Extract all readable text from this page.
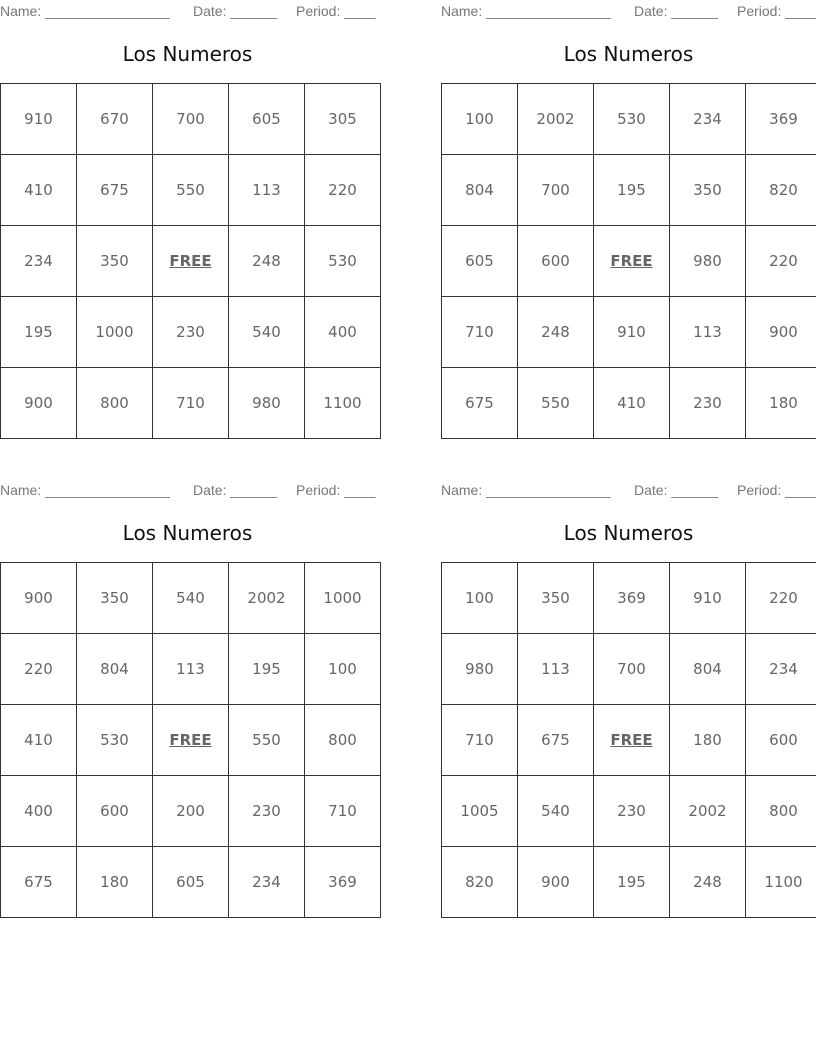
Name: ________________ Date: ______ Period: ____
Los Numeros
910	670	700	605	305
410	675	550	113	220
234	350	FREE	248	530
195	1000	230	540	400
900	800	710	980	1100
Name: ________________ Date: ______ Period: ____
Los Numeros
100	2002	530	234	369
804	700	195	350	820
605	600	FREE	980	220
710	248	910	113	900
675	550	410	230	180
Name: ________________ Date: ______ Period: ____
Los Numeros
900	350	540	2002	1000
220	804	113	195	100
410	530	FREE	550	800
400	600	200	230	710
675	180	605	234	369
Name: ________________ Date: ______ Period: ____
Los Numeros
100	350	369	910	220
980	113	700	804	234
710	675	FREE	180	600
1005	540	230	2002	800
820	900	195	248	1100
